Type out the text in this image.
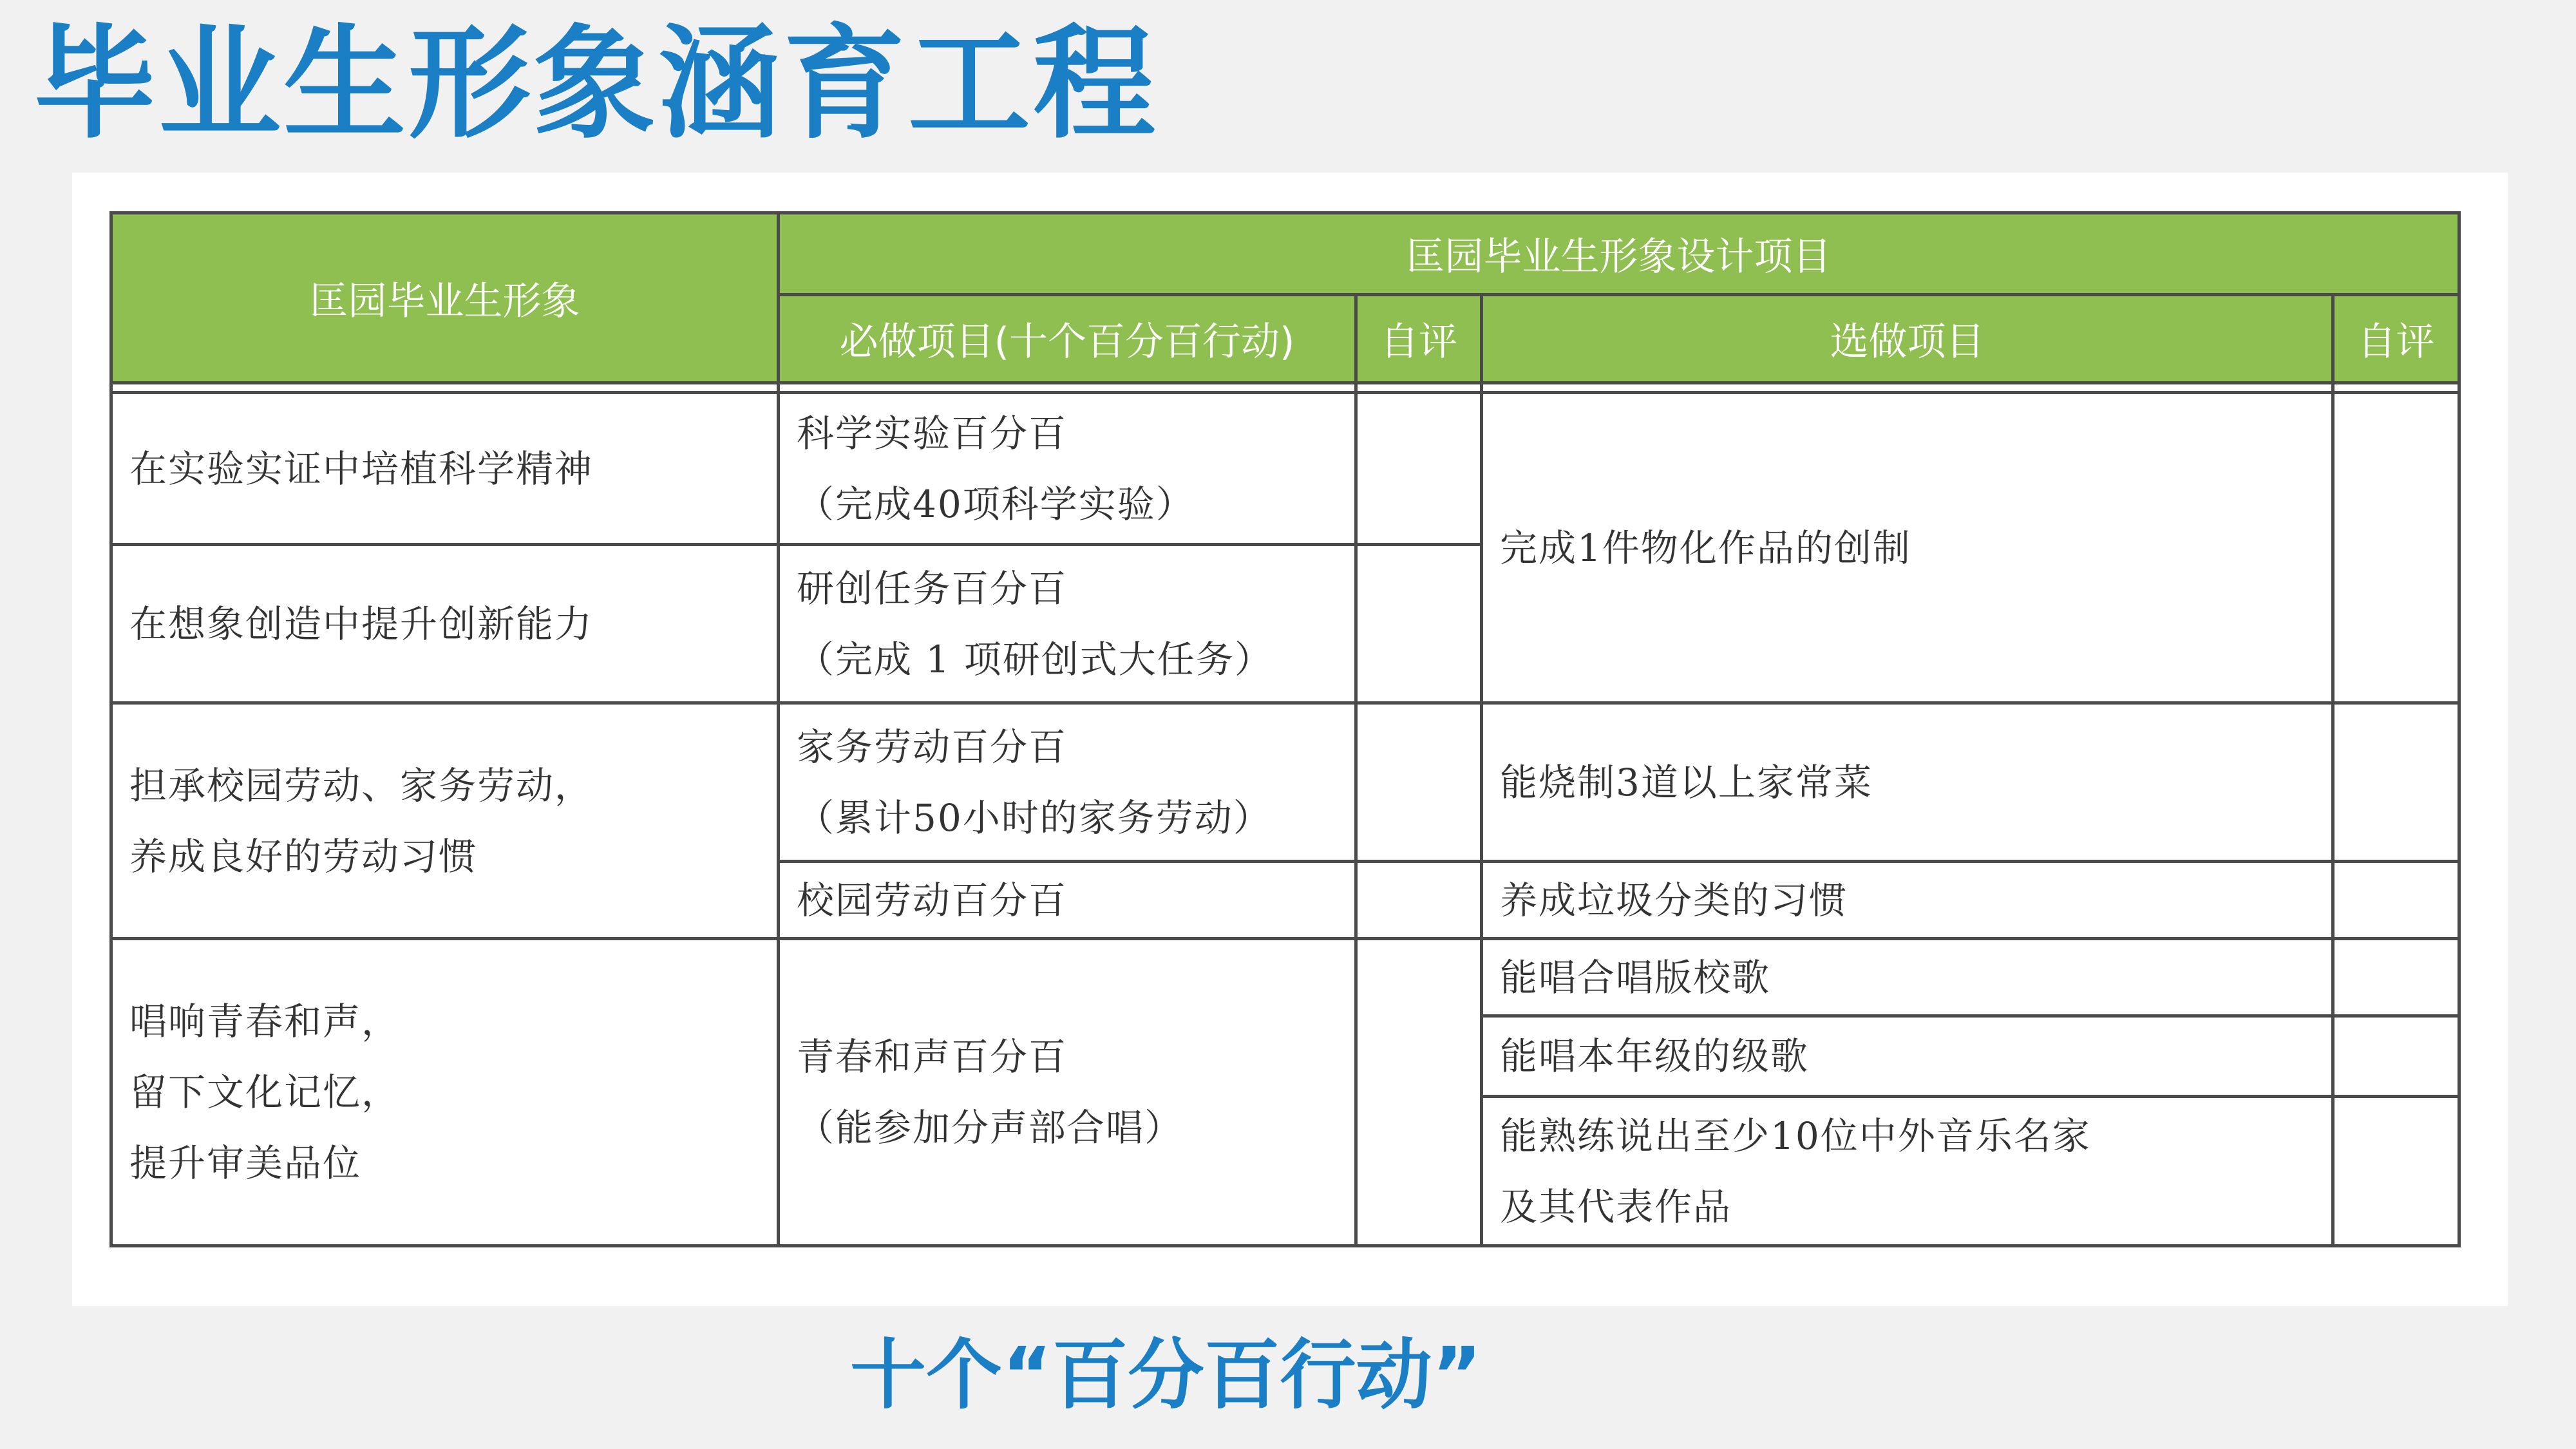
毕业生形象涵育工程
匡园毕业生形象	匡园毕业生形象设计项目			
	必做项目(十个百分百行动)	自评	选做项目	自评

在实验实证中培植科学精神	科学实验百分百
（完成40项科学实验）		完成1件物化作品的创制	

在想象创造中提升创新能力	研创任务百分百
（完成 1 项研创式大任务）			

担承校园劳动、家务劳动，
养成良好的劳动习惯	家务劳动百分百
（累计50小时的家务劳动）		能烧制3道以上家常菜	

	校园劳动百分百		养成垃圾分类的习惯	

唱响青春和声，
留下文化记忆，
提升审美品位	青春和声百分百
（能参加分声部合唱）		能唱合唱版校歌	

			能唱本年级的级歌	

			能熟练说出至少10位中外音乐名家
及其代表作品	

十个“百分百行动”
